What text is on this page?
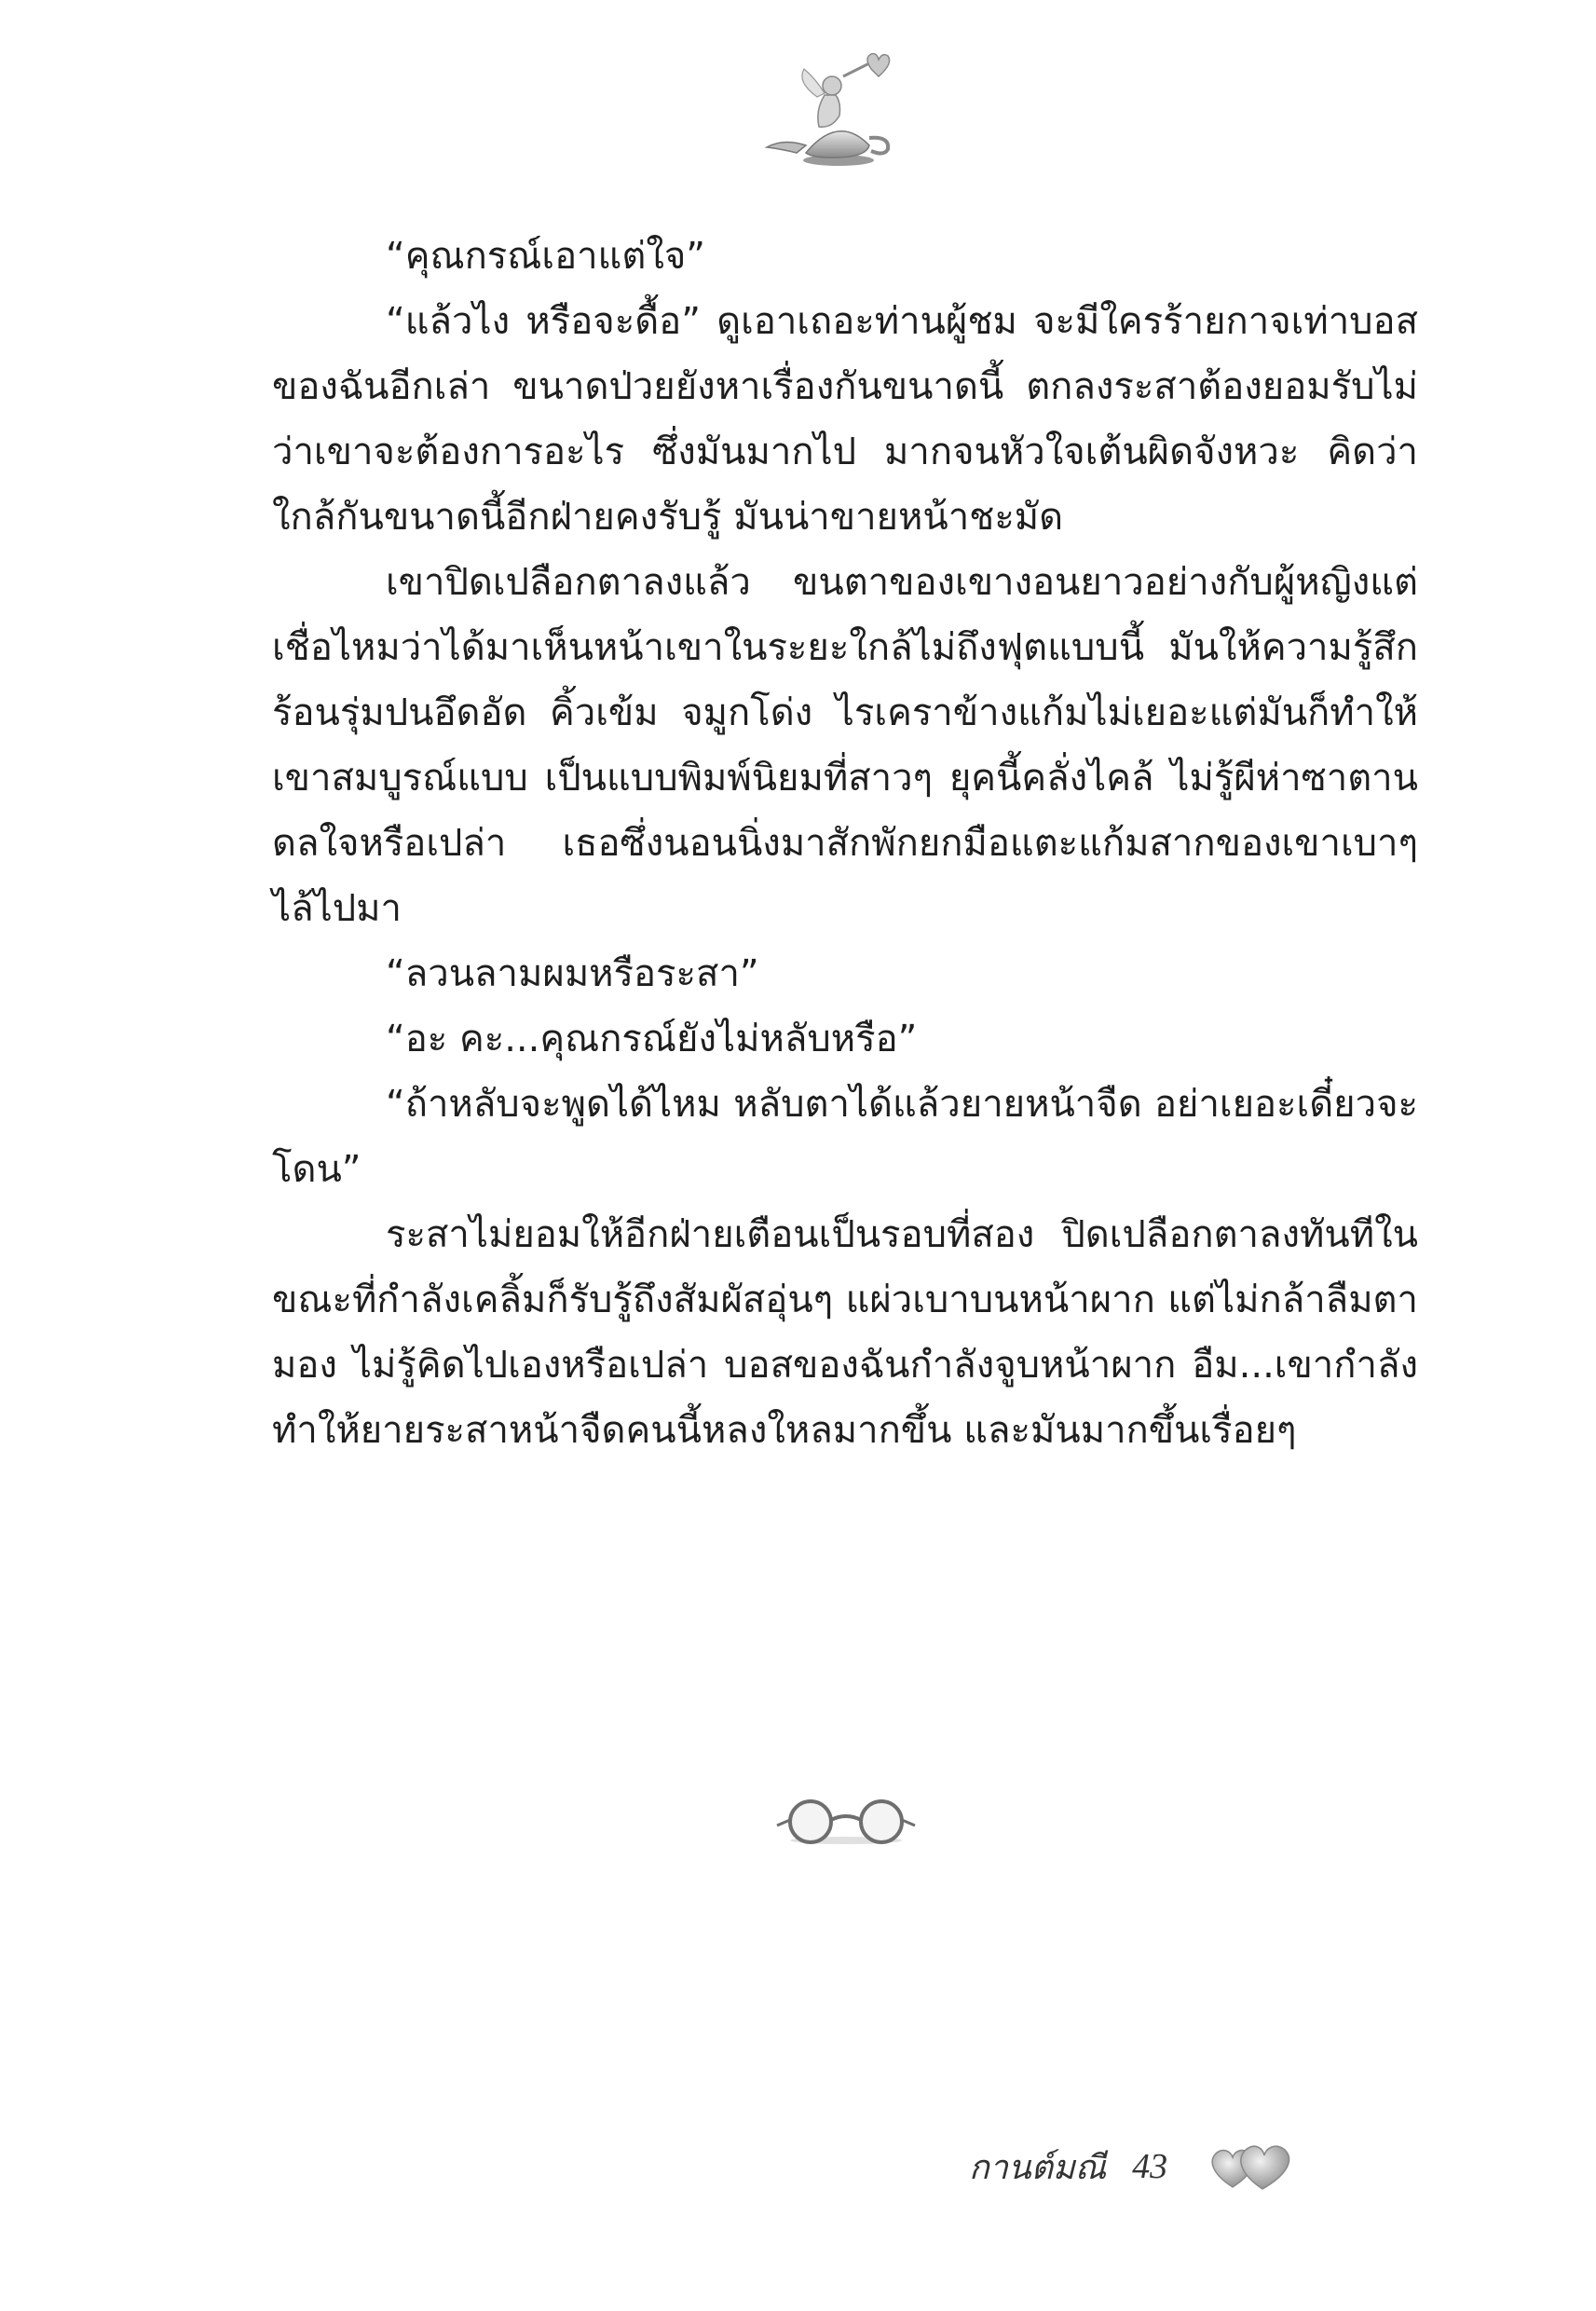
“คุณกรณ์เอาแต่ใจ”

“แล้วไง หรือจะดื้อ” ดูเอาเถอะท่านผู้ชม จะมีใครร้ายกาจเท่าบอสของฉันอีกเล่า ขนาดป่วยยังหาเรื่องกันขนาดนี้ ตกลงระสาต้องยอมรับไม่ว่าเขาจะต้องการอะไร ซึ่งมันมากไป มากจนหัวใจเต้นผิดจังหวะ คิดว่าใกล้กันขนาดนี้อีกฝ่ายคงรับรู้ มันน่าขายหน้าชะมัด

เขาปิดเปลือกตาลงแล้ว ขนตาของเขางอนยาวอย่างกับผู้หญิงแต่เชื่อไหมว่าได้มาเห็นหน้าเขาในระยะใกล้ไม่ถึงฟุตแบบนี้ มันให้ความรู้สึกร้อนรุ่มปนอึดอัด คิ้วเข้ม จมูกโด่ง ไรเคราข้างแก้มไม่เยอะแต่มันก็ทำให้เขาสมบูรณ์แบบ เป็นแบบพิมพ์นิยมที่สาวๆ ยุคนี้คลั่งไคล้ ไม่รู้ผีห่าซาตานดลใจหรือเปล่า เธอซึ่งนอนนิ่งมาสักพักยกมือแตะแก้มสากของเขาเบาๆ ไล้ไปมา

“ลวนลามผมหรือระสา”

“อะ คะ...คุณกรณ์ยังไม่หลับหรือ”

“ถ้าหลับจะพูดได้ไหม หลับตาได้แล้วยายหน้าจืด อย่าเยอะเดี๋ยวจะโดน”

ระสาไม่ยอมให้อีกฝ่ายเตือนเป็นรอบที่สอง ปิดเปลือกตาลงทันทีในขณะที่กำลังเคลิ้มก็รับรู้ถึงสัมผัสอุ่นๆ แผ่วเบาบนหน้าผาก แต่ไม่กล้าลืมตามอง ไม่รู้คิดไปเองหรือเปล่า บอสของฉันกำลังจูบหน้าผาก อืม...เขากำลังทำให้ยายระสาหน้าจืดคนนี้หลงใหลมากขึ้น และมันมากขึ้นเรื่อยๆ

กานต์มณี 43
